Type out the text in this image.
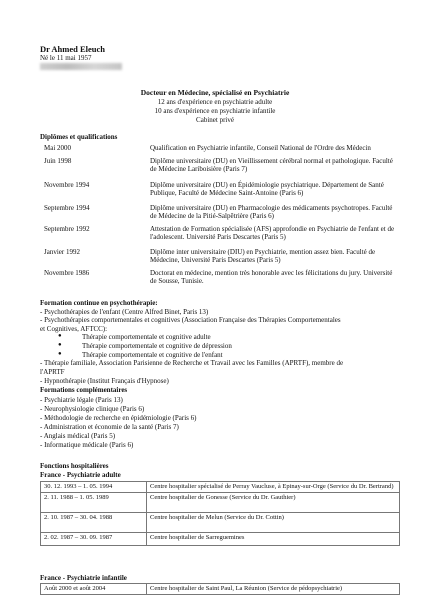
Dr Ahmed Eleuch
Né le 11 mai 1957
Docteur en Médecine, spécialisé en Psychiatrie
12 ans d'expérience en psychiatrie adulte
10 ans d'expérience en psychiatrie infantile
Cabinet privé
Diplômes et qualifications
Mai 2000	Qualification en Psychiatrie infantile, Conseil National de l'Ordre des Médecin
Juin 1998	Diplôme universitaire (DU) en Vieillissement cérébral normal et pathologique. Faculté de Médecine Lariboisière (Paris 7)
Novembre 1994	Diplôme universitaire (DU) en Épidémiologie psychiatrique. Département de Santé Publique, Faculté de Médecine Saint-Antoine (Paris 6)
Septembre 1994	Diplôme universitaire (DU) en Pharmacologie des médicaments psychotropes. Faculté de Médecine de la Pitié-Salpêtrière (Paris 6)
Septembre 1992	Attestation de Formation spécialisée (AFS) approfondie en Psychiatrie de l'enfant et de l'adolescent. Université Paris Descartes (Paris 5)
Janvier 1992	Diplôme inter universitaire (DIU) en Psychiatrie, mention assez bien. Faculté de Médecine, Université Paris Descartes (Paris 5)
Novembre 1986	Doctorat en médecine, mention très honorable avec les félicitations du jury. Université de Sousse, Tunisie.
Formation continue en psychothérapie:
- Psychothérapies de l'enfant (Centre Alfred Binet, Paris 13)
- Psychothérapies comportementales et cognitives (Association Française des Thérapies Comportementales
et Cognitives, AFTCC):
●	Thérapie comportementale et cognitive adulte
●	Thérapie comportementale et cognitive de dépression
●	Thérapie comportementale et cognitive de l'enfant
- Thérapie familiale, Association Parisienne de Recherche et Travail avec les Familles (APRTF), membre de
l'APRTF
- Hypnothérapie (Institut Français d'Hypnose)
Formations complémentaires
- Psychiatrie légale (Paris 13)
- Neurophysiologie clinique (Paris 6)
- Méthodologie de recherche en épidémiologie (Paris 6)
- Administration et économie de la santé (Paris 7)
- Anglais médical (Paris 5)
- Informatique médicale (Paris 6)
Fonctions hospitalières
France - Psychiatrie adulte
30. 12. 1993 – 1. 05. 1994	Centre hospitalier spécialisé de Perray Vaucluse, à Epinay-sur-Orge (Service du Dr. Bertrand)
2. 11. 1988 – 1. 05. 1989	Centre hospitalier de Gonesse (Service du Dr. Gauthier)
2. 10. 1987 – 30. 04. 1988	Centre hospitalier de Melun (Service du Dr. Cottin)
2. 02. 1987 – 30. 09. 1987	Centre hospitalier de Sarreguemines
France - Psychiatrie infantile
Août 2000 et août 2004	Centre hospitalier de Saint Paul, La Réunion (Service de pédopsychiatrie)
